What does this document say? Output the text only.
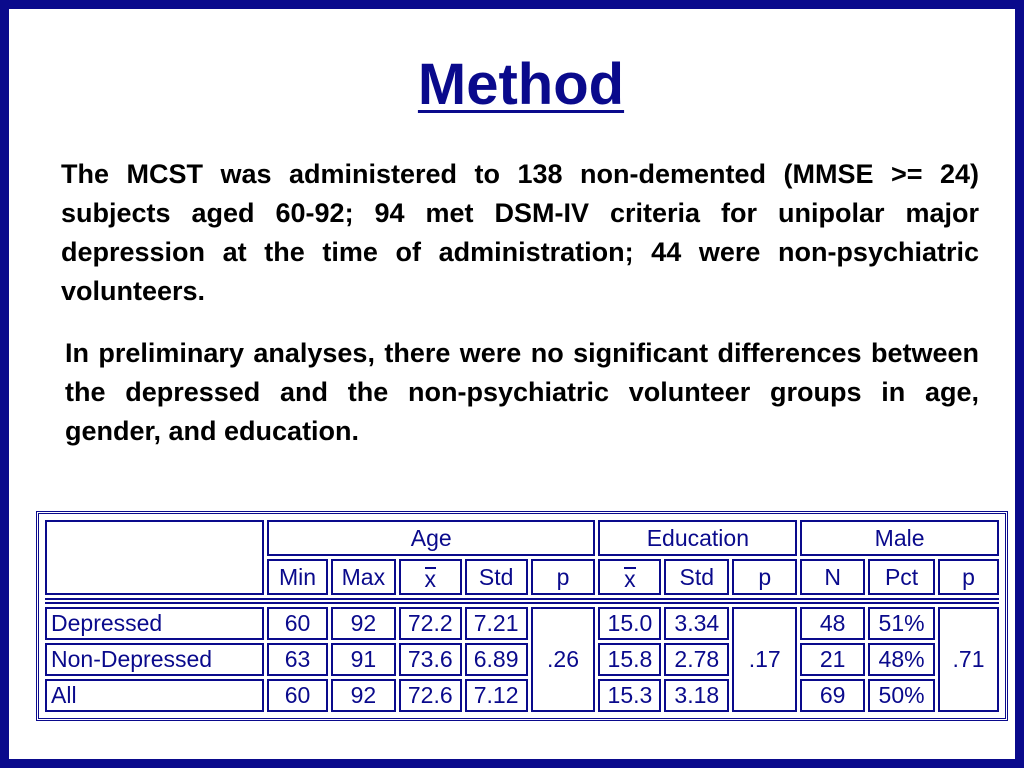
Method

The MCST was administered to 138 non-demented (MMSE >= 24) subjects aged 60-92; 94 met DSM-IV criteria for unipolar major depression at the time of administration; 44 were non-psychiatric volunteers.

In preliminary analyses, there were no significant differences between the depressed and the non-psychiatric volunteer groups in age, gender, and education.

	Age					Education			Male		
	Min	Max	x	Std	p	x	Std	p	N	Pct	p

Depressed	60	92	72.2	7.21	.26	15.0	3.34	.17	48	51%	.71
Non-Depressed	63	91	73.6	6.89		15.8	2.78		21	48%	
All	60	92	72.6	7.12		15.3	3.18		69	50%	
